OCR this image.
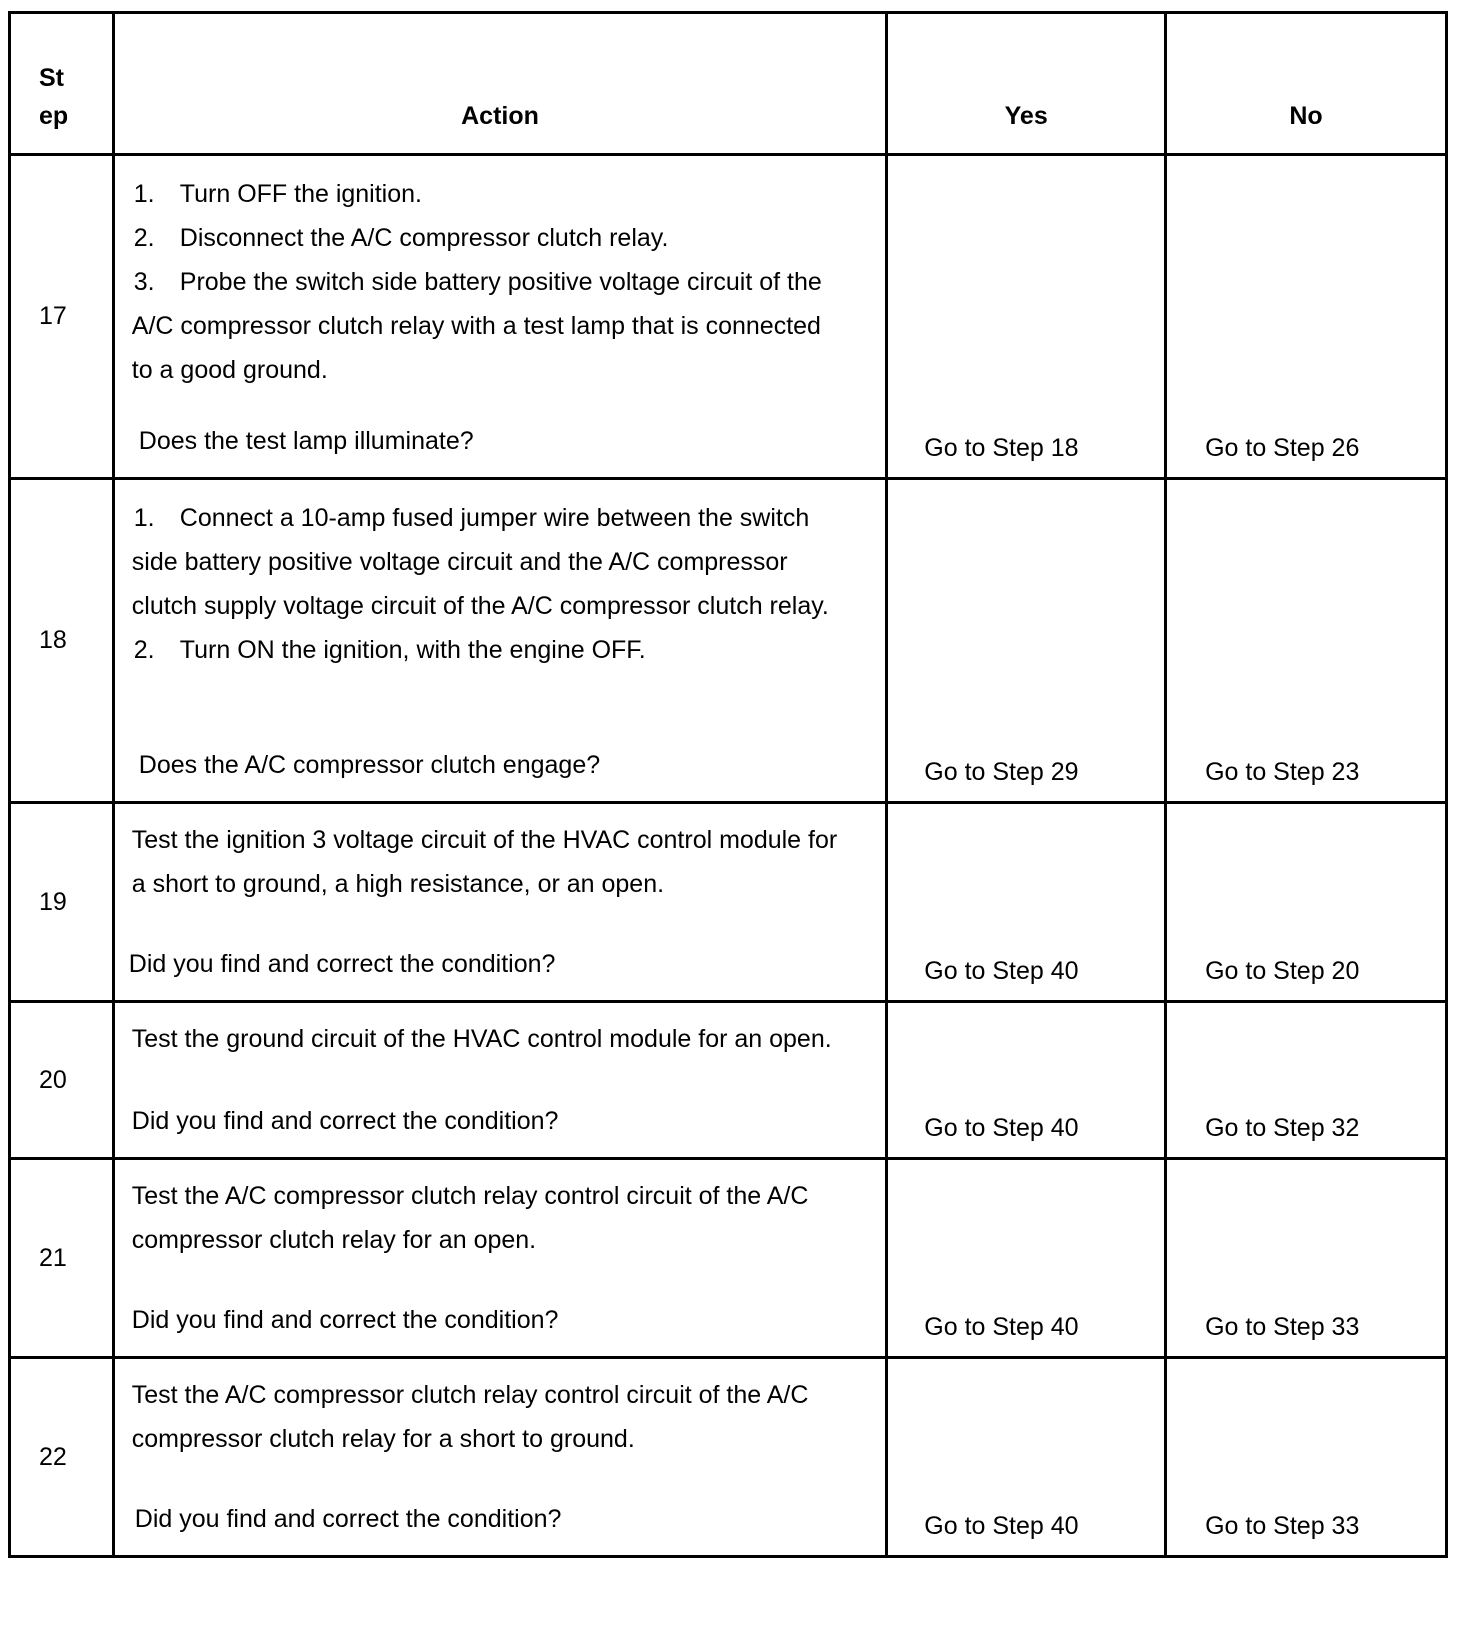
St
ep	Action	Yes	No

17	1. Turn OFF the ignition.
2. Disconnect the A/C compressor clutch relay.
3. Probe the switch side battery positive voltage circuit of the A/C compressor clutch relay with a test lamp that is connected to a good ground.
Does the test lamp illuminate?	Go to Step 18	Go to Step 26

18	1. Connect a 10-amp fused jumper wire between the switch side battery positive voltage circuit and the A/C compressor clutch supply voltage circuit of the A/C compressor clutch relay.
2. Turn ON the ignition, with the engine OFF.
Does the A/C compressor clutch engage?	Go to Step 29	Go to Step 23

19	Test the ignition 3 voltage circuit of the HVAC control module for a short to ground, a high resistance, or an open.
Did you find and correct the condition?	Go to Step 40	Go to Step 20

20	Test the ground circuit of the HVAC control module for an open.
Did you find and correct the condition?	Go to Step 40	Go to Step 32

21	Test the A/C compressor clutch relay control circuit of the A/C compressor clutch relay for an open.
Did you find and correct the condition?	Go to Step 40	Go to Step 33

22	Test the A/C compressor clutch relay control circuit of the A/C compressor clutch relay for a short to ground.
Did you find and correct the condition?	Go to Step 40	Go to Step 33
